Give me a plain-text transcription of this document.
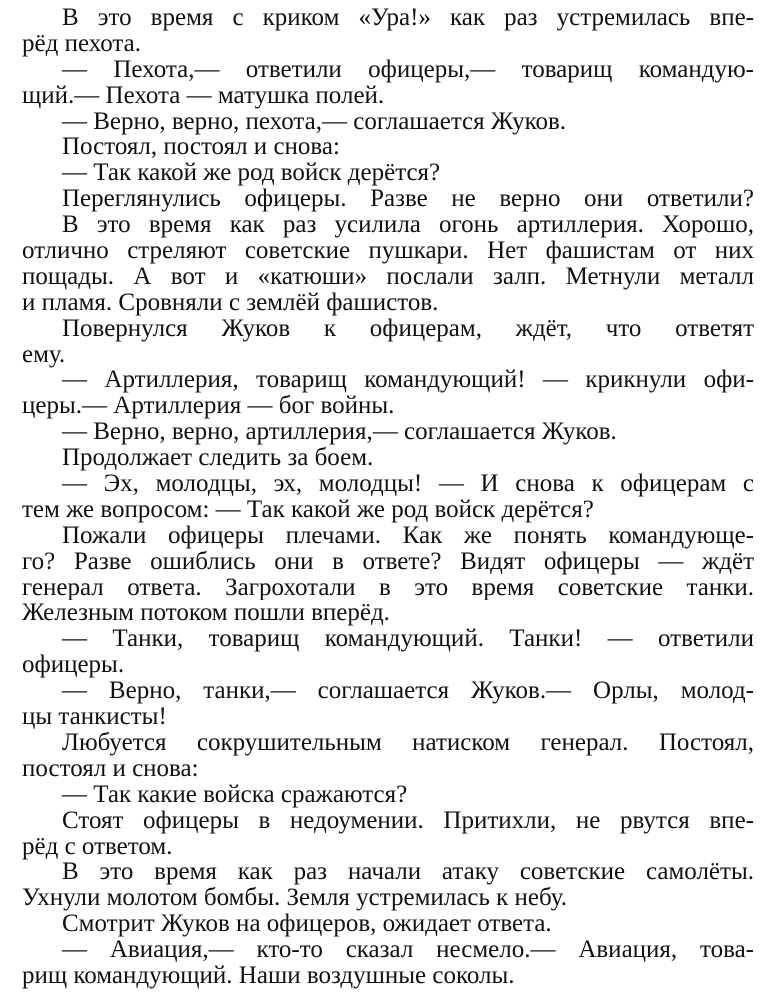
В это время с криком «Ура!» как раз устремилась впе-
рёд пехота.
— Пехота,— ответили офицеры,— товарищ командую-
щий.— Пехота — матушка полей.
— Верно, верно, пехота,— соглашается Жуков.
Постоял, постоял и снова:
— Так какой же род войск дерётся?
Переглянулись офицеры. Разве не верно они ответили?
В это время как раз усилила огонь артиллерия. Хорошо,
отлично стреляют советские пушкари. Нет фашистам от них
пощады. А вот и «катюши» послали залп. Метнули металл
и пламя. Сровняли с землёй фашистов.
Повернулся Жуков к офицерам, ждёт, что ответят
ему.
— Артиллерия, товарищ командующий! — крикнули офи-
церы.— Артиллерия — бог войны.
— Верно, верно, артиллерия,— соглашается Жуков.
Продолжает следить за боем.
— Эх, молодцы, эх, молодцы! — И снова к офицерам с
тем же вопросом: — Так какой же род войск дерётся?
Пожали офицеры плечами. Как же понять командующе-
го? Разве ошиблись они в ответе? Видят офицеры — ждёт
генерал ответа. Загрохотали в это время советские танки.
Железным потоком пошли вперёд.
— Танки, товарищ командующий. Танки! — ответили
офицеры.
— Верно, танки,— соглашается Жуков.— Орлы, молод-
цы танкисты!
Любуется сокрушительным натиском генерал. Постоял,
постоял и снова:
— Так какие войска сражаются?
Стоят офицеры в недоумении. Притихли, не рвутся впе-
рёд с ответом.
В это время как раз начали атаку советские самолёты.
Ухнули молотом бомбы. Земля устремилась к небу.
Смотрит Жуков на офицеров, ожидает ответа.
— Авиация,— кто-то сказал несмело.— Авиация, това-
рищ командующий. Наши воздушные соколы.
